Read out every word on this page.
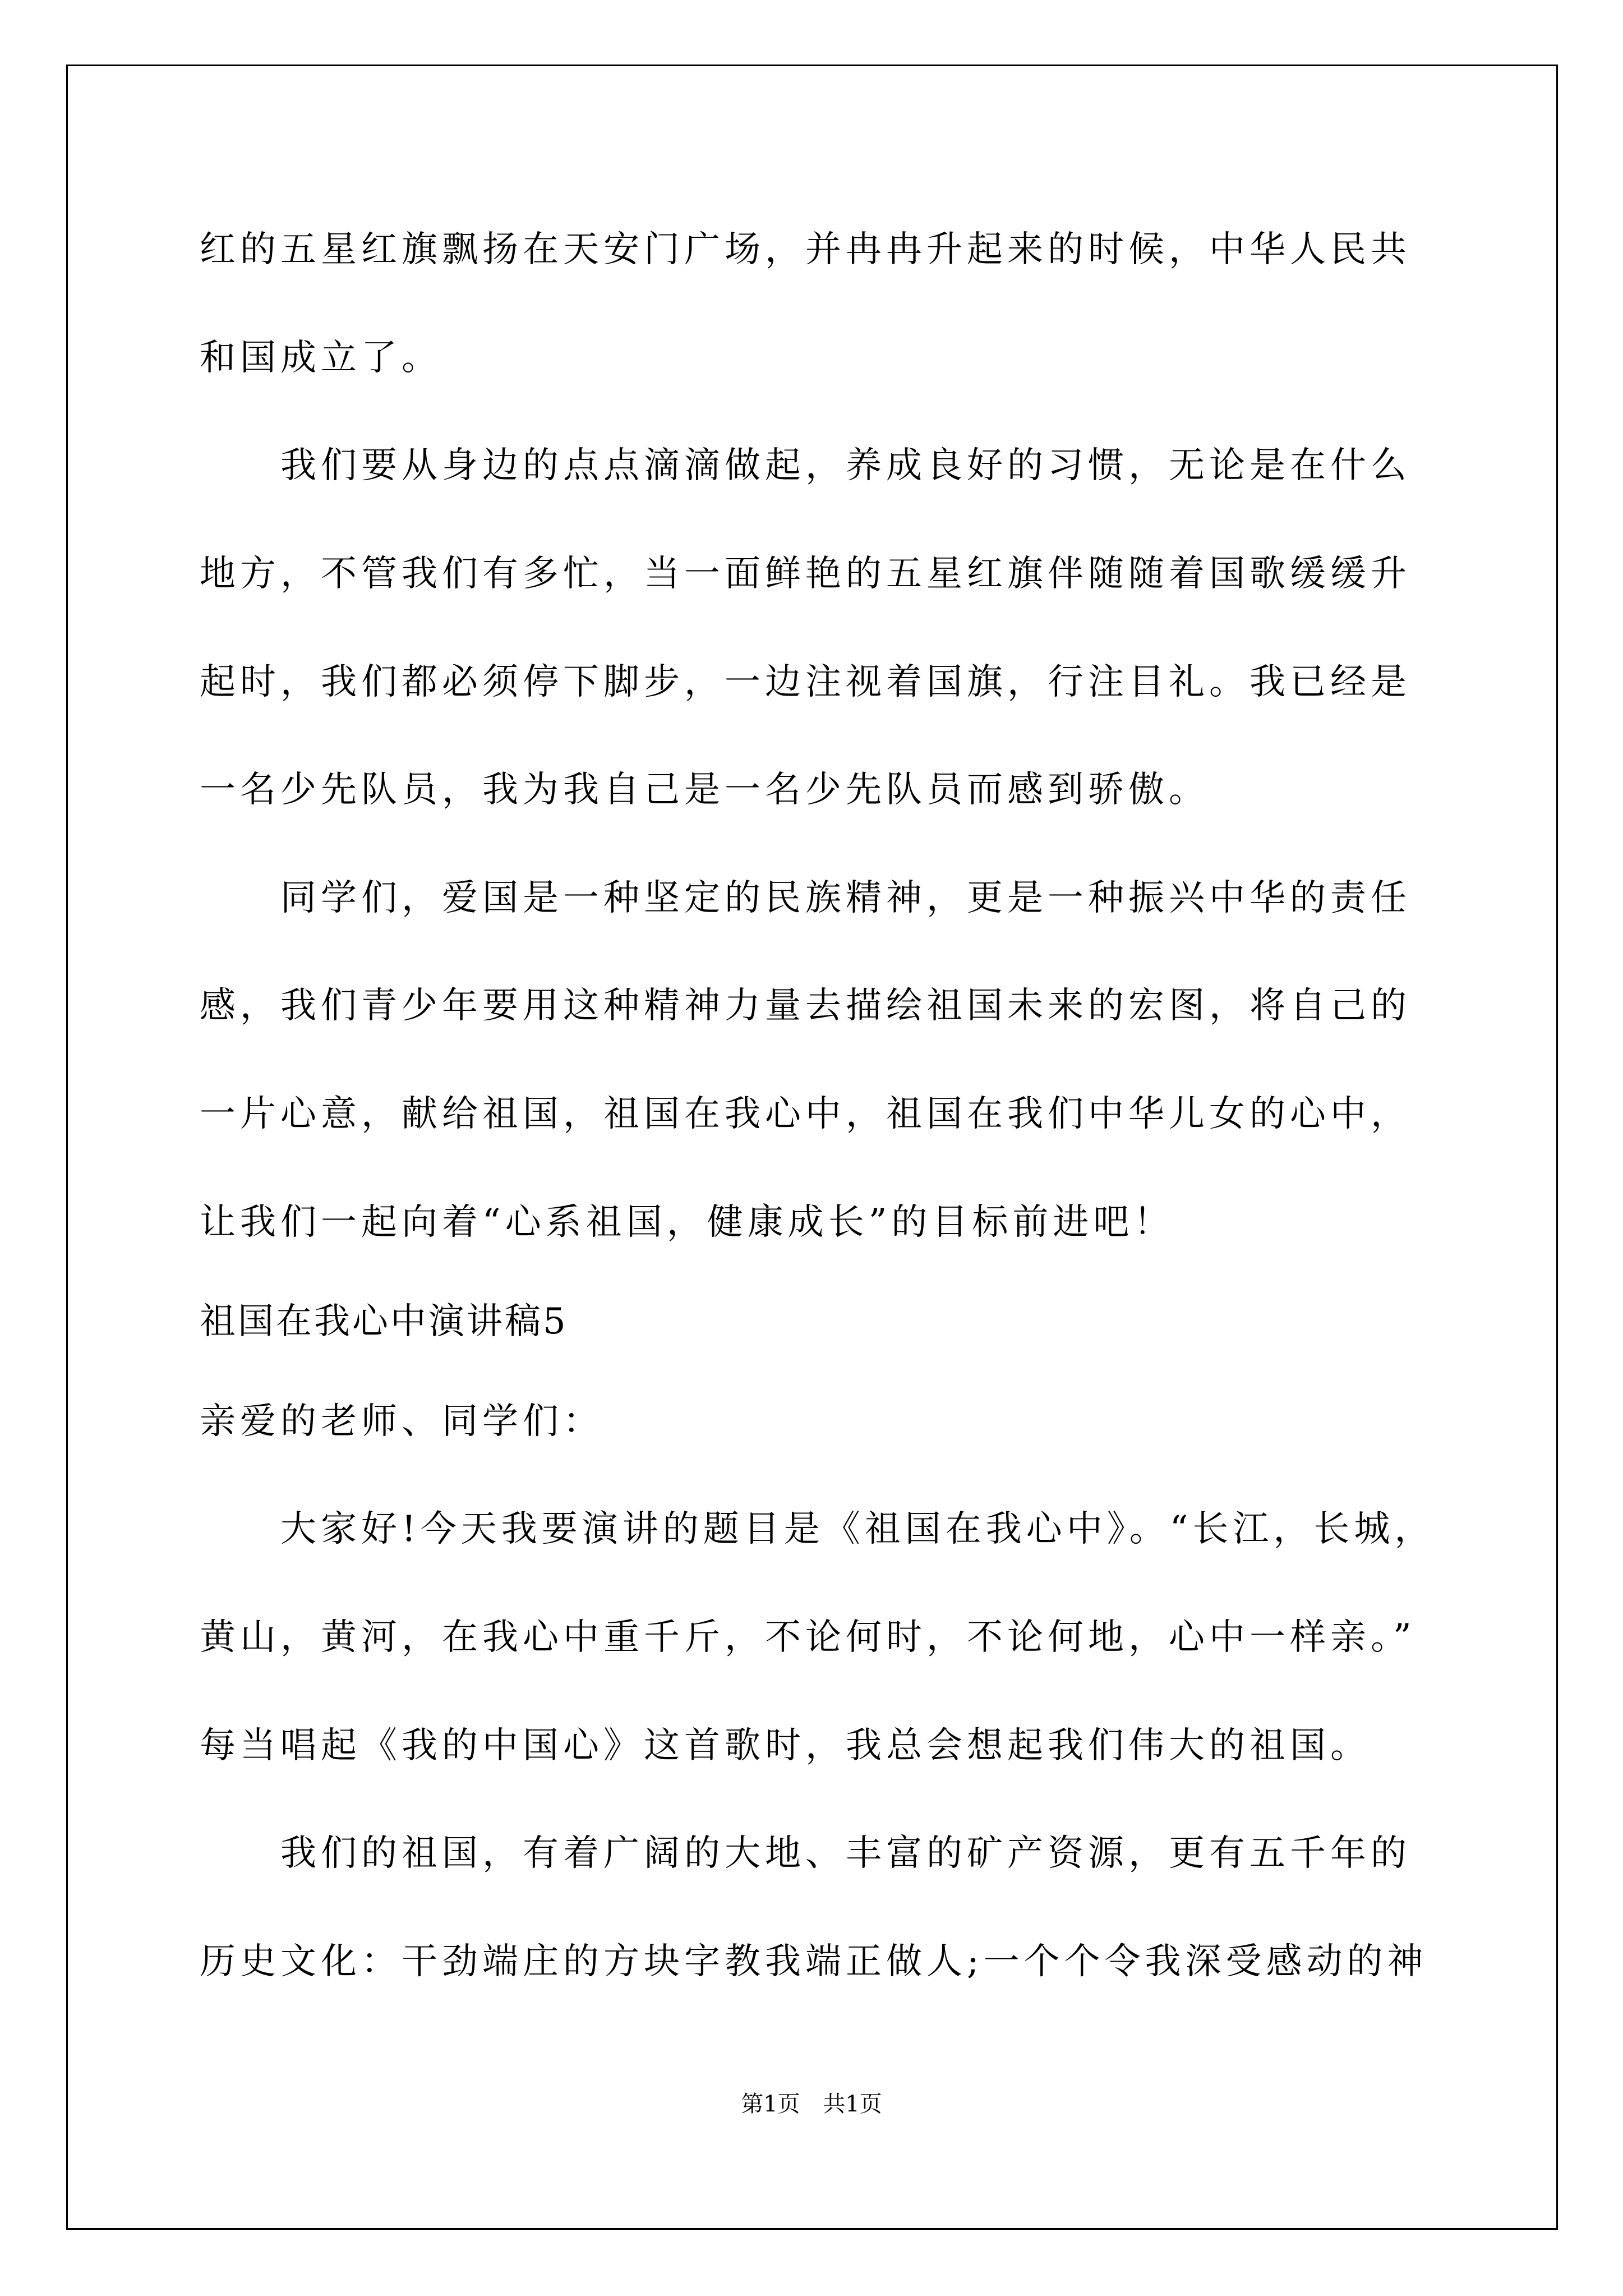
红的五星红旗飘扬在天安门广场，并冉冉升起来的时候，中华人民共
和国成立了。
我们要从身边的点点滴滴做起，养成良好的习惯，无论是在什么
地方，不管我们有多忙，当一面鲜艳的五星红旗伴随随着国歌缓缓升
起时，我们都必须停下脚步，一边注视着国旗，行注目礼。我已经是
一名少先队员，我为我自己是一名少先队员而感到骄傲。
同学们，爱国是一种坚定的民族精神，更是一种振兴中华的责任
感，我们青少年要用这种精神力量去描绘祖国未来的宏图，将自己的
一片心意，献给祖国，祖国在我心中，祖国在我们中华儿女的心中，
让我们一起向着“心系祖国，健康成长”的目标前进吧！
祖国在我心中演讲稿5
亲爱的老师、同学们：
大家好!今天我要演讲的题目是《祖国在我心中》。“长江，长城，
黄山，黄河，在我心中重千斤，不论何时，不论何地，心中一样亲。”
每当唱起《我的中国心》这首歌时，我总会想起我们伟大的祖国。
我们的祖国，有着广阔的大地、丰富的矿产资源，更有五千年的
历史文化：干劲端庄的方块字教我端正做人;一个个令我深受感动的神
第1页 共1页
